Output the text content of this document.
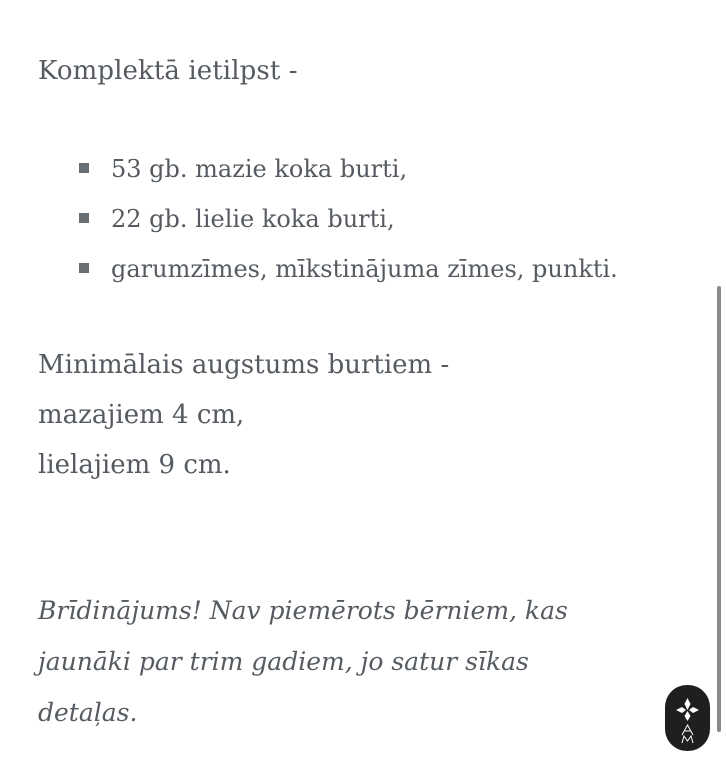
Komplektā ietilpst -

53 gb. mazie koka burti,
22 gb. lielie koka burti,
garumzīmes, mīkstinājuma zīmes, punkti.
Minimālais augstums burtiem -
mazajiem 4 cm,
lielajiem 9 cm.
Brīdinājums! Nav piemērots bērniem, kas
jaunāki par trim gadiem, jo satur sīkas
detaļas.
